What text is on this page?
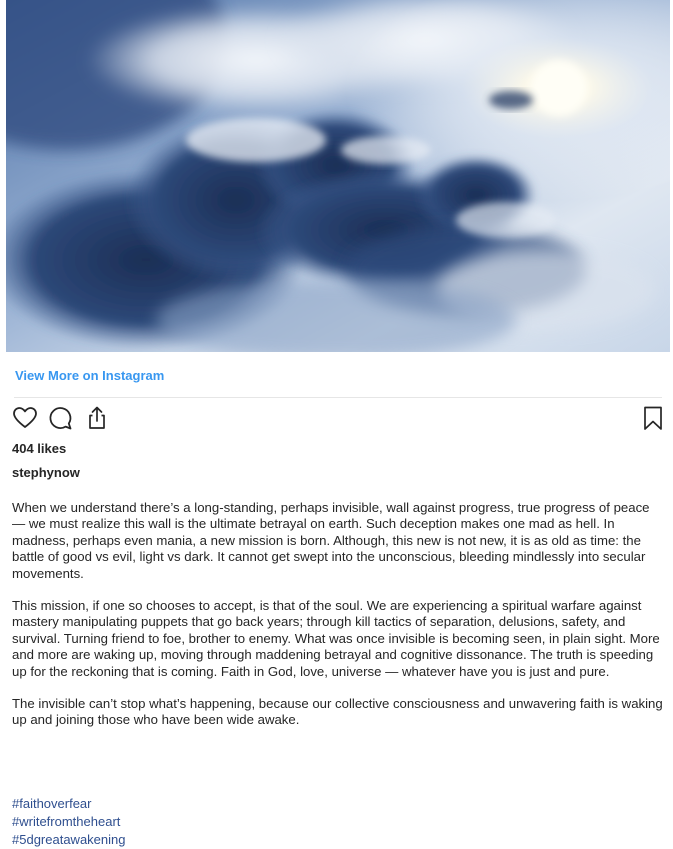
View More on Instagram
404 likes
stephynow

When we understand there’s a long-standing, perhaps invisible, wall against progress, true progress of peace — we must realize this wall is the ultimate betrayal on earth. Such deception makes one mad as hell. In madness, perhaps even mania, a new mission is born. Although, this new is not new, it is as old as time: the battle of good vs evil, light vs dark. It cannot get swept into the unconscious, bleeding mindlessly into secular movements.

This mission, if one so chooses to accept, is that of the soul. We are experiencing a spiritual warfare against mastery manipulating puppets that go back years; through kill tactics of separation, delusions, safety, and survival. Turning friend to foe, brother to enemy. What was once invisible is becoming seen, in plain sight. More and more are waking up, moving through maddening betrayal and cognitive dissonance. The truth is speeding up for the reckoning that is coming. Faith in God, love, universe — whatever have you is just and pure.

The invisible can’t stop what’s happening, because our collective consciousness and unwavering faith is waking up and joining those who have been wide awake.

#faithoverfear
#writefromtheheart
#5dgreatawakening
